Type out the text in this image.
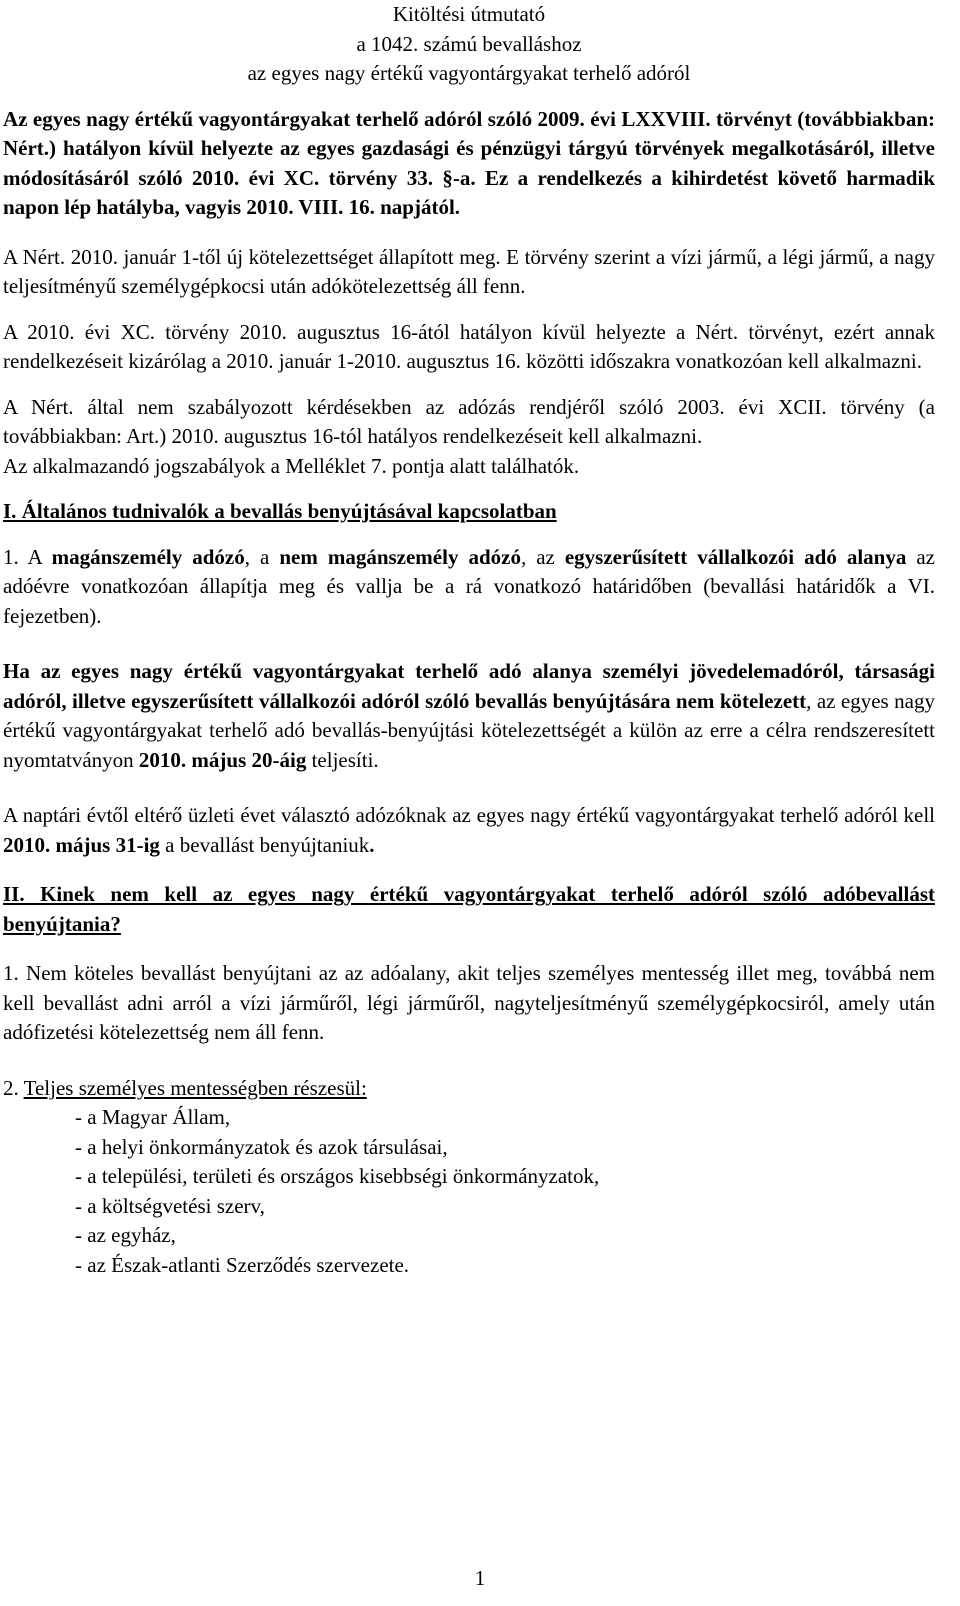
Kitöltési útmutató

a 1042. számú bevalláshoz

az egyes nagy értékű vagyontárgyakat terhelő adóról

Az egyes nagy értékű vagyontárgyakat terhelő adóról szóló 2009. évi LXXVIII. törvényt (továbbiakban: Nért.) hatályon kívül helyezte az egyes gazdasági és pénzügyi tárgyú törvények megalkotásáról, illetve módosításáról szóló 2010. évi XC. törvény 33. §-a. Ez a rendelkezés a kihirdetést követő harmadik napon lép hatályba, vagyis 2010. VIII. 16. napjától.

A Nért. 2010. január 1-től új kötelezettséget állapított meg. E törvény szerint a vízi jármű, a légi jármű, a nagy teljesítményű személygépkocsi után adókötelezettség áll fenn.

A 2010. évi XC. törvény 2010. augusztus 16-ától hatályon kívül helyezte a Nért. törvényt, ezért annak rendelkezéseit kizárólag a 2010. január 1-2010. augusztus 16. közötti időszakra vonatkozóan kell alkalmazni.

A Nért. által nem szabályozott kérdésekben az adózás rendjéről szóló 2003. évi XCII. törvény (a továbbiakban: Art.) 2010. augusztus 16-tól hatályos rendelkezéseit kell alkalmazni.

Az alkalmazandó jogszabályok a Melléklet 7. pontja alatt találhatók.

I. Általános tudnivalók a bevallás benyújtásával kapcsolatban

1. A magánszemély adózó, a nem magánszemély adózó, az egyszerűsített vállalkozói adó alanya az adóévre vonatkozóan állapítja meg és vallja be a rá vonatkozó határidőben (bevallási határidők a VI. fejezetben).

Ha az egyes nagy értékű vagyontárgyakat terhelő adó alanya személyi jövedelemadóról, társasági adóról, illetve egyszerűsített vállalkozói adóról szóló bevallás benyújtására nem kötelezett, az egyes nagy értékű vagyontárgyakat terhelő adó bevallás-benyújtási kötelezettségét a külön az erre a célra rendszeresített nyomtatványon 2010. május 20-áig teljesíti.

A naptári évtől eltérő üzleti évet választó adózóknak az egyes nagy értékű vagyontárgyakat terhelő adóról kell 2010. május 31-ig a bevallást benyújtaniuk.

II. Kinek nem kell az egyes nagy értékű vagyontárgyakat terhelő adóról szóló adóbevallást benyújtania?

1. Nem köteles bevallást benyújtani az az adóalany, akit teljes személyes mentesség illet meg, továbbá nem kell bevallást adni arról a vízi járműről, légi járműről, nagyteljesítményű személygépkocsiról, amely után adófizetési kötelezettség nem áll fenn.

2. Teljes személyes mentességben részesül:

- a Magyar Állam,
- a helyi önkormányzatok és azok társulásai,
- a települési, területi és országos kisebbségi önkormányzatok,
- a költségvetési szerv,
- az egyház,
- az Észak-atlanti Szerződés szervezete.
1
